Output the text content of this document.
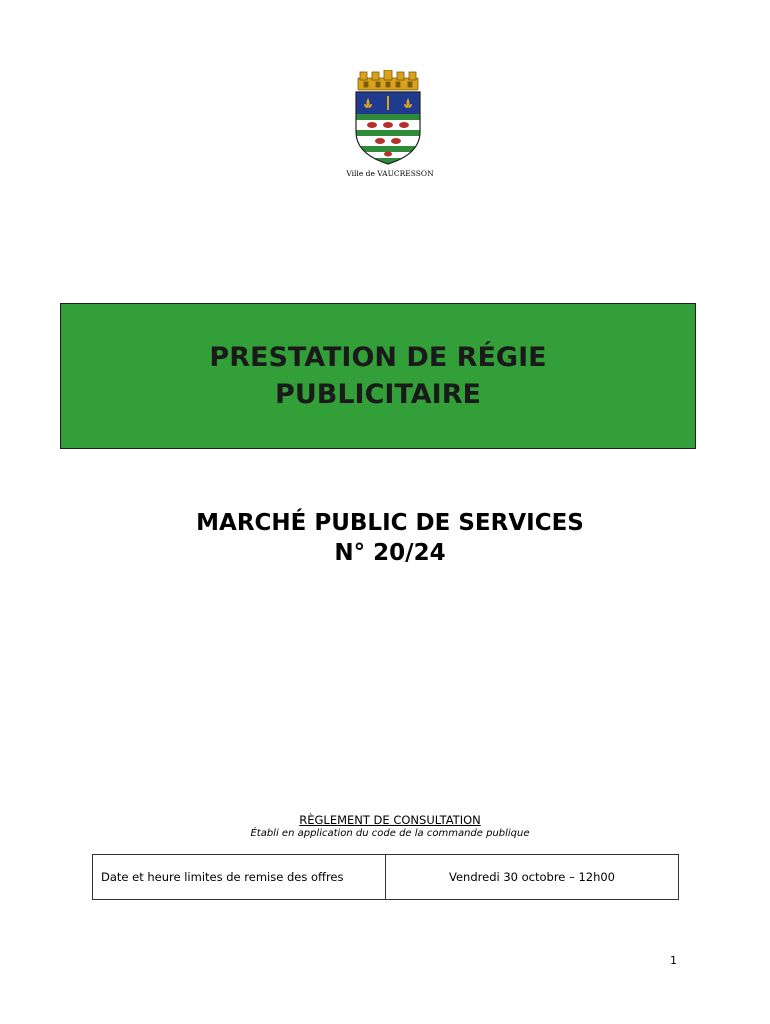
Ville de VAUCRESSON
PRESTATION DE RÉGIE PUBLICITAIRE
MARCHÉ PUBLIC DE SERVICES
N° 20/24
RÈGLEMENT DE CONSULTATION
Établi en application du code de la commande publique
Date et heure limites de remise des offres	Vendredi 30 octobre – 12h00
1
